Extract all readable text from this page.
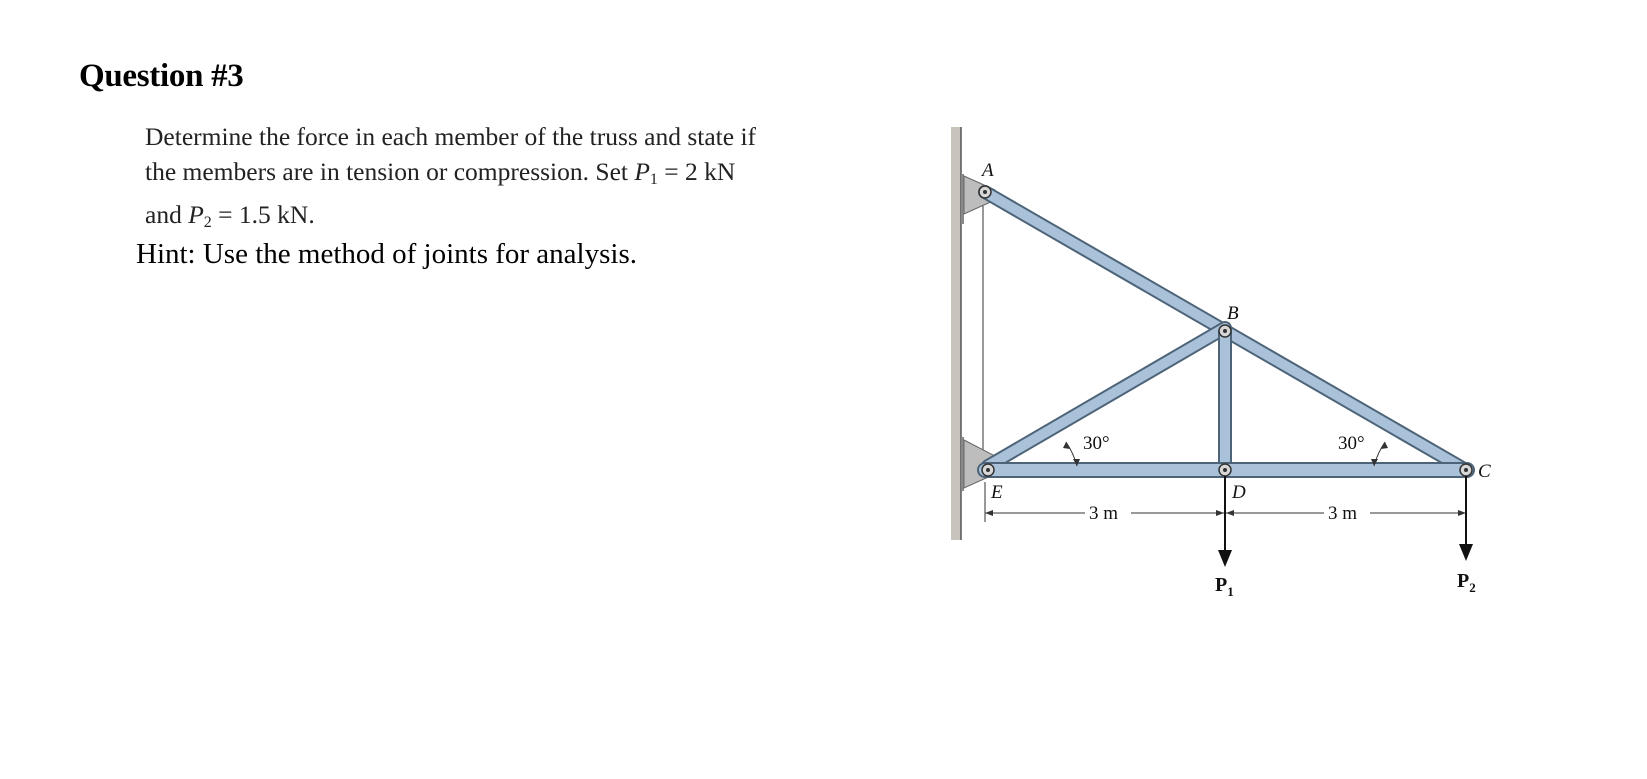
Question #3
Determine the force in each member of the truss and state if
the members are in tension or compression. Set $P_1 = 2$ kN
and $P_2 = 1.5$ kN.
Hint: Use the method of joints for analysis.
A
B
C
D
E
30°	30°
3 m	3 m
$P_1$	$P_2$
